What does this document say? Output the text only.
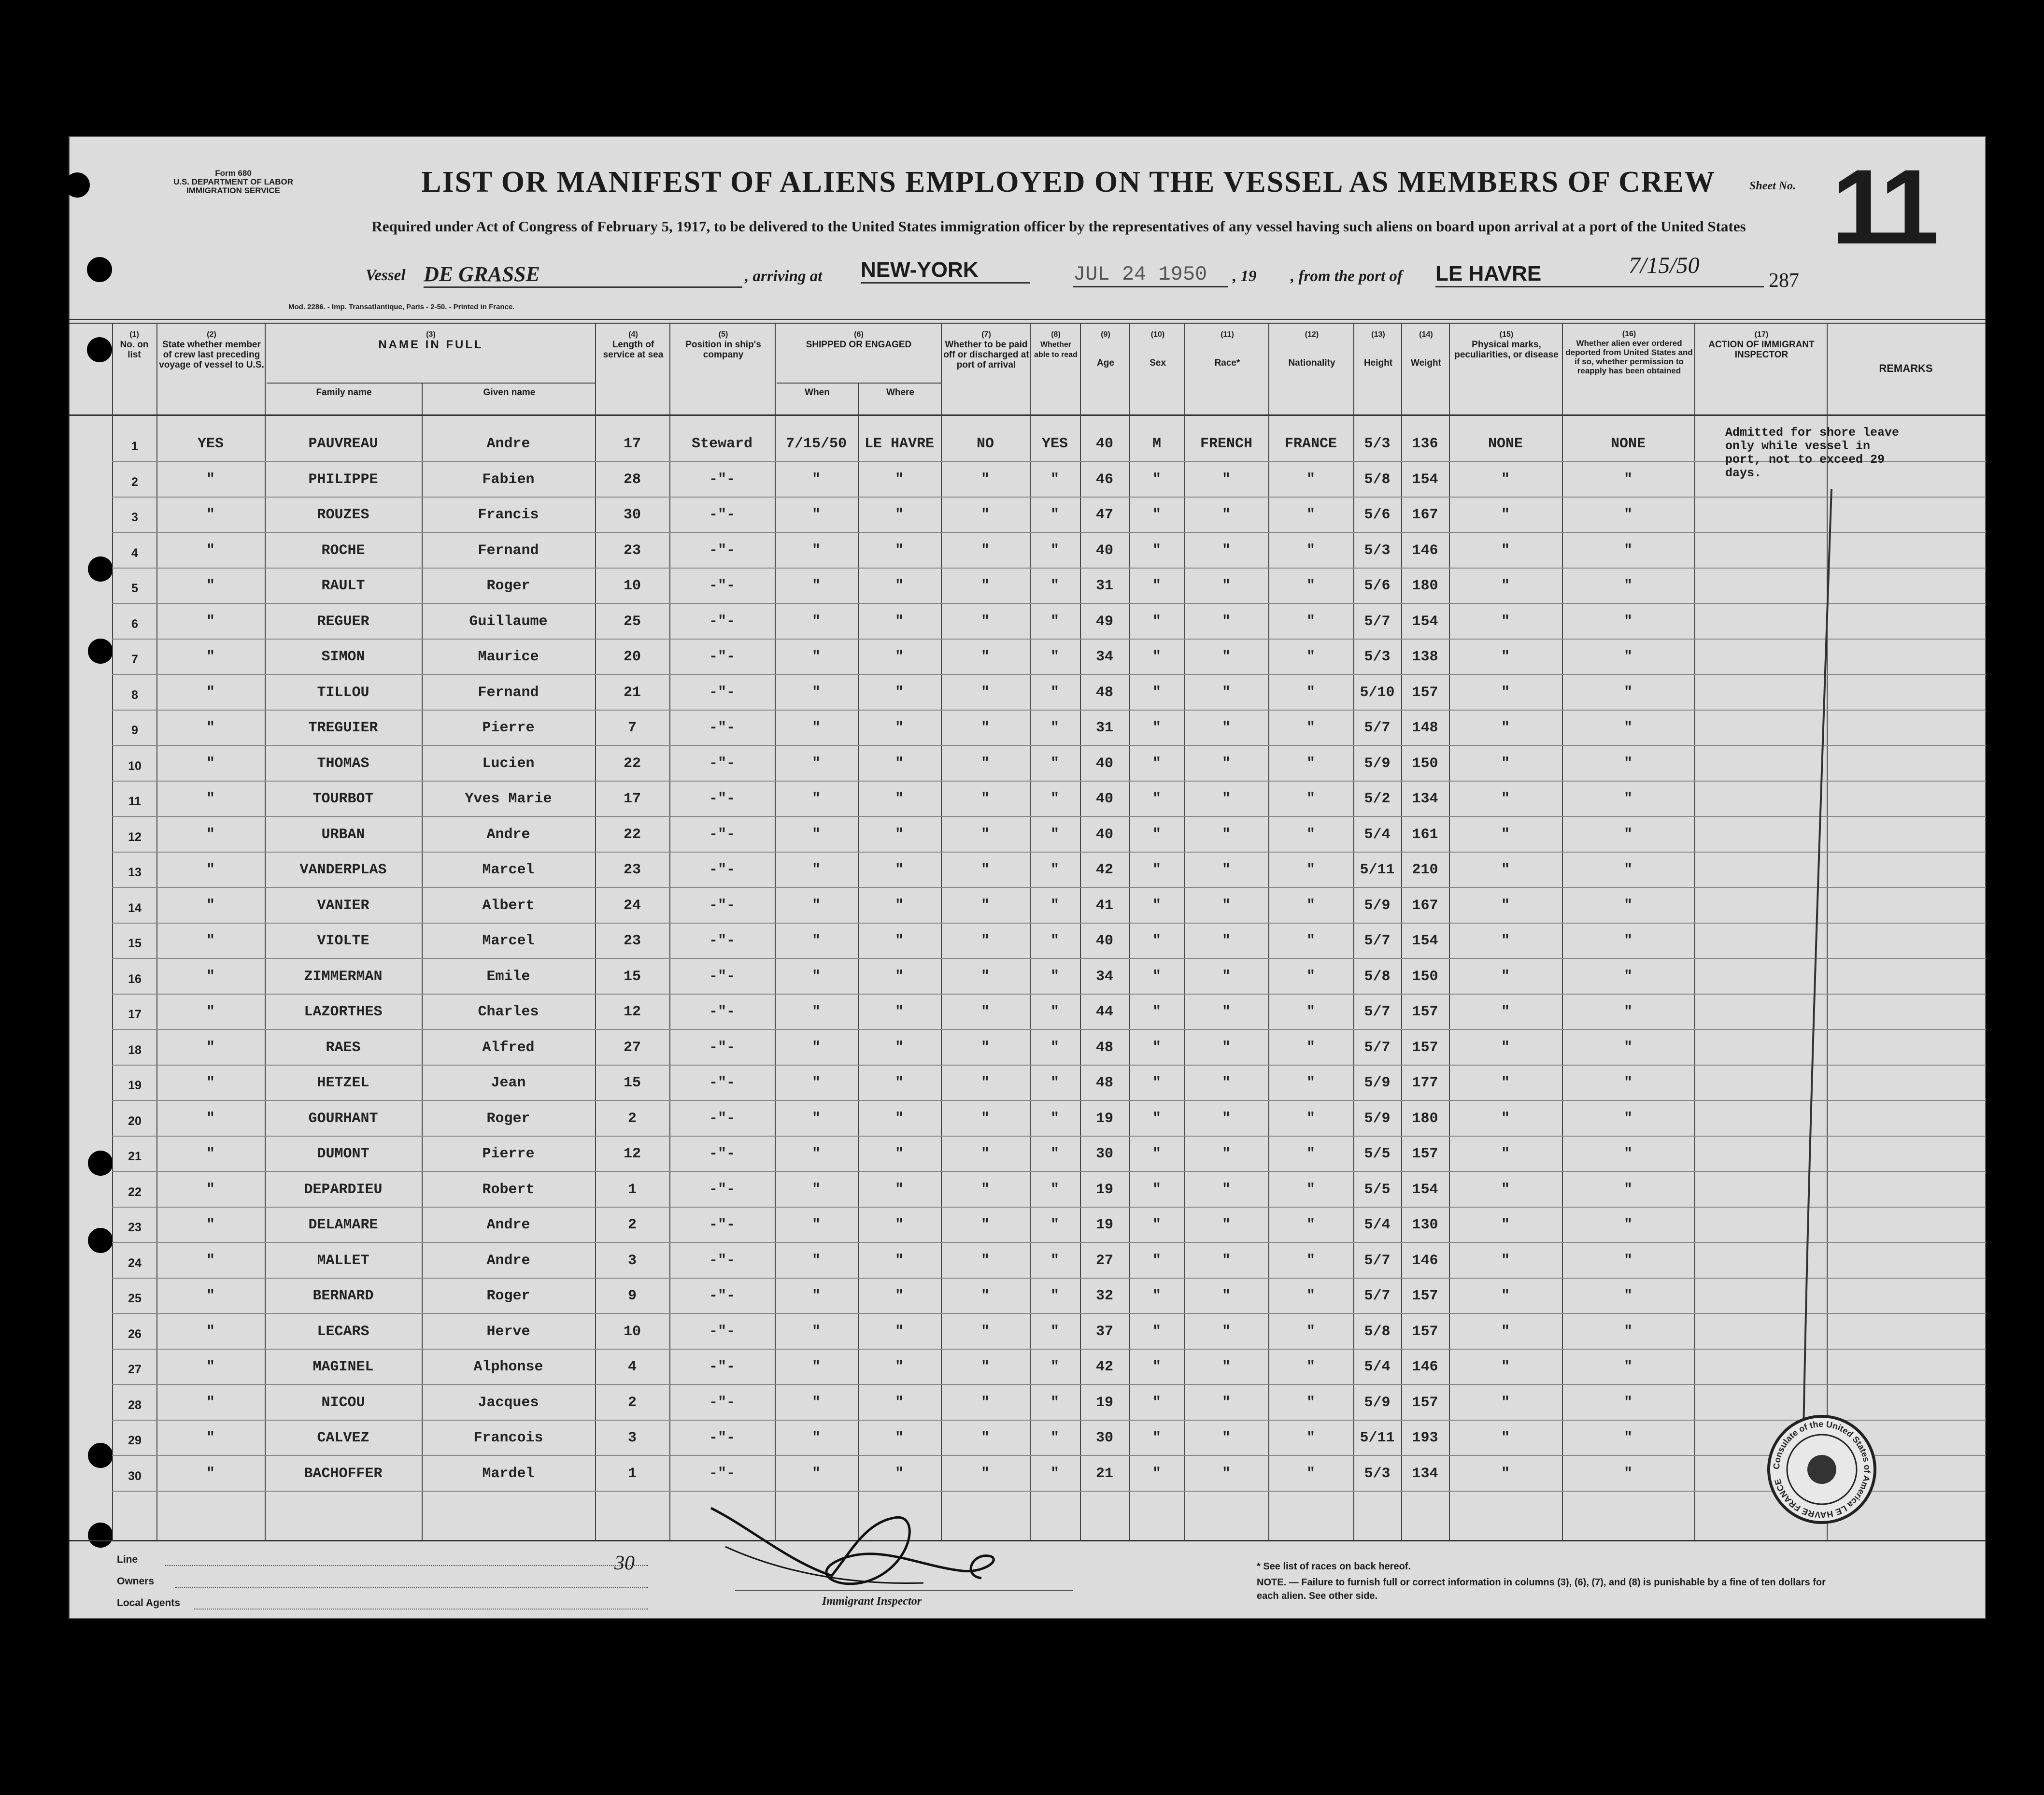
Form 680
U.S. DEPARTMENT OF LABOR
IMMIGRATION SERVICE	LIST OR MANIFEST OF ALIENS EMPLOYED ON THE VESSEL AS MEMBERS OF CREW
Required under Act of Congress of February 5, 1917, to be delivered to the United States immigration officer by the representatives of any vessel having such aliens on board upon arrival at a port of the United States
Sheet No. 11
Vessel DE GRASSE	, arriving at NEW-YORK	JUL 24 1950	, 19 , from the port of LE HAVRE	7/15/50
287
Mod. 2286. - Imp. Transatlantique, Paris - 2-50. - Printed in France.
(1)
No. on list
(2)
State whether member of crew last preceding voyage of vessel to U.S.
(3)
NAME IN FULL
Family name	Given name
(4)
Length of service at sea
(5)
Position in ship's company
(6)
SHIPPED OR ENGAGED
When	Where
(7)
Whether to be paid off or discharged at port of arrival
(8)
Whether able to read
(9)
Age
(10)
Sex
(11)
Race*
(12)
Nationality
(13)
Height
(14)
Weight
(15)
Physical marks, peculiarities, or disease
(16)
Whether alien ever ordered deported from United States and if so, whether permission to reapply has been obtained
(17)
ACTION OF IMMIGRANT INSPECTOR
REMARKS
1	YES	PAUVREAU	Andre	17	Steward	7/15/50	LE HAVRE	NO	YES	40	M	FRENCH	FRANCE	5/3	136	NONE	NONE
2	"	PHILIPPE	Fabien	28	-"-	"	"	"	"	46	"	"	"	5/8	154	"	"
3	"	ROUZES	Francis	30	-"-	"	"	"	"	47	"	"	"	5/6	167	"	"
4	"	ROCHE	Fernand	23	-"-	"	"	"	"	40	"	"	"	5/3	146	"	"
5	"	RAULT	Roger	10	-"-	"	"	"	"	31	"	"	"	5/6	180	"	"
6	"	REGUER	Guillaume	25	-"-	"	"	"	"	49	"	"	"	5/7	154	"	"
7	"	SIMON	Maurice	20	-"-	"	"	"	"	34	"	"	"	5/3	138	"	"
8	"	TILLOU	Fernand	21	-"-	"	"	"	"	48	"	"	"	5/10	157	"	"
9	"	TREGUIER	Pierre	7	-"-	"	"	"	"	31	"	"	"	5/7	148	"	"
10	"	THOMAS	Lucien	22	-"-	"	"	"	"	40	"	"	"	5/9	150	"	"
11	"	TOURBOT	Yves Marie	17	-"-	"	"	"	"	40	"	"	"	5/2	134	"	"
12	"	URBAN	Andre	22	-"-	"	"	"	"	40	"	"	"	5/4	161	"	"
13	"	VANDERPLAS	Marcel	23	-"-	"	"	"	"	42	"	"	"	5/11	210	"	"
14	"	VANIER	Albert	24	-"-	"	"	"	"	41	"	"	"	5/9	167	"	"
15	"	VIOLTE	Marcel	23	-"-	"	"	"	"	40	"	"	"	5/7	154	"	"
16	"	ZIMMERMAN	Emile	15	-"-	"	"	"	"	34	"	"	"	5/8	150	"	"
17	"	LAZORTHES	Charles	12	-"-	"	"	"	"	44	"	"	"	5/7	157	"	"
18	"	RAES	Alfred	27	-"-	"	"	"	"	48	"	"	"	5/7	157	"	"
19	"	HETZEL	Jean	15	-"-	"	"	"	"	48	"	"	"	5/9	177	"	"
20	"	GOURHANT	Roger	2	-"-	"	"	"	"	19	"	"	"	5/9	180	"	"
21	"	DUMONT	Pierre	12	-"-	"	"	"	"	30	"	"	"	5/5	157	"	"
22	"	DEPARDIEU	Robert	1	-"-	"	"	"	"	19	"	"	"	5/5	154	"	"
23	"	DELAMARE	Andre	2	-"-	"	"	"	"	19	"	"	"	5/4	130	"	"
24	"	MALLET	Andre	3	-"-	"	"	"	"	27	"	"	"	5/7	146	"	"
25	"	BERNARD	Roger	9	-"-	"	"	"	"	32	"	"	"	5/7	157	"	"
26	"	LECARS	Herve	10	-"-	"	"	"	"	37	"	"	"	5/8	157	"	"
27	"	MAGINEL	Alphonse	4	-"-	"	"	"	"	42	"	"	"	5/4	146	"	"
28	"	NICOU	Jacques	2	-"-	"	"	"	"	19	"	"	"	5/9	157	"	"
29	"	CALVEZ	Francois	3	-"-	"	"	"	"	30	"	"	"	5/11	193	"	"
30	"	BACHOFFER	Mardel	1	-"-	"	"	"	"	21	"	"	"	5/3	134	"	"
Admitted for shore leave only while vessel in port, not to exceed 29 days.
Consulate of the United States of America LE HAVRE FRANCE
Line
Owners
Local Agents
30
Immigrant Inspector
* See list of races on back hereof.
NOTE. — Failure to furnish full or correct information in columns (3), (6), (7), and (8) is punishable by a fine of ten dollars for each alien. See other side.
